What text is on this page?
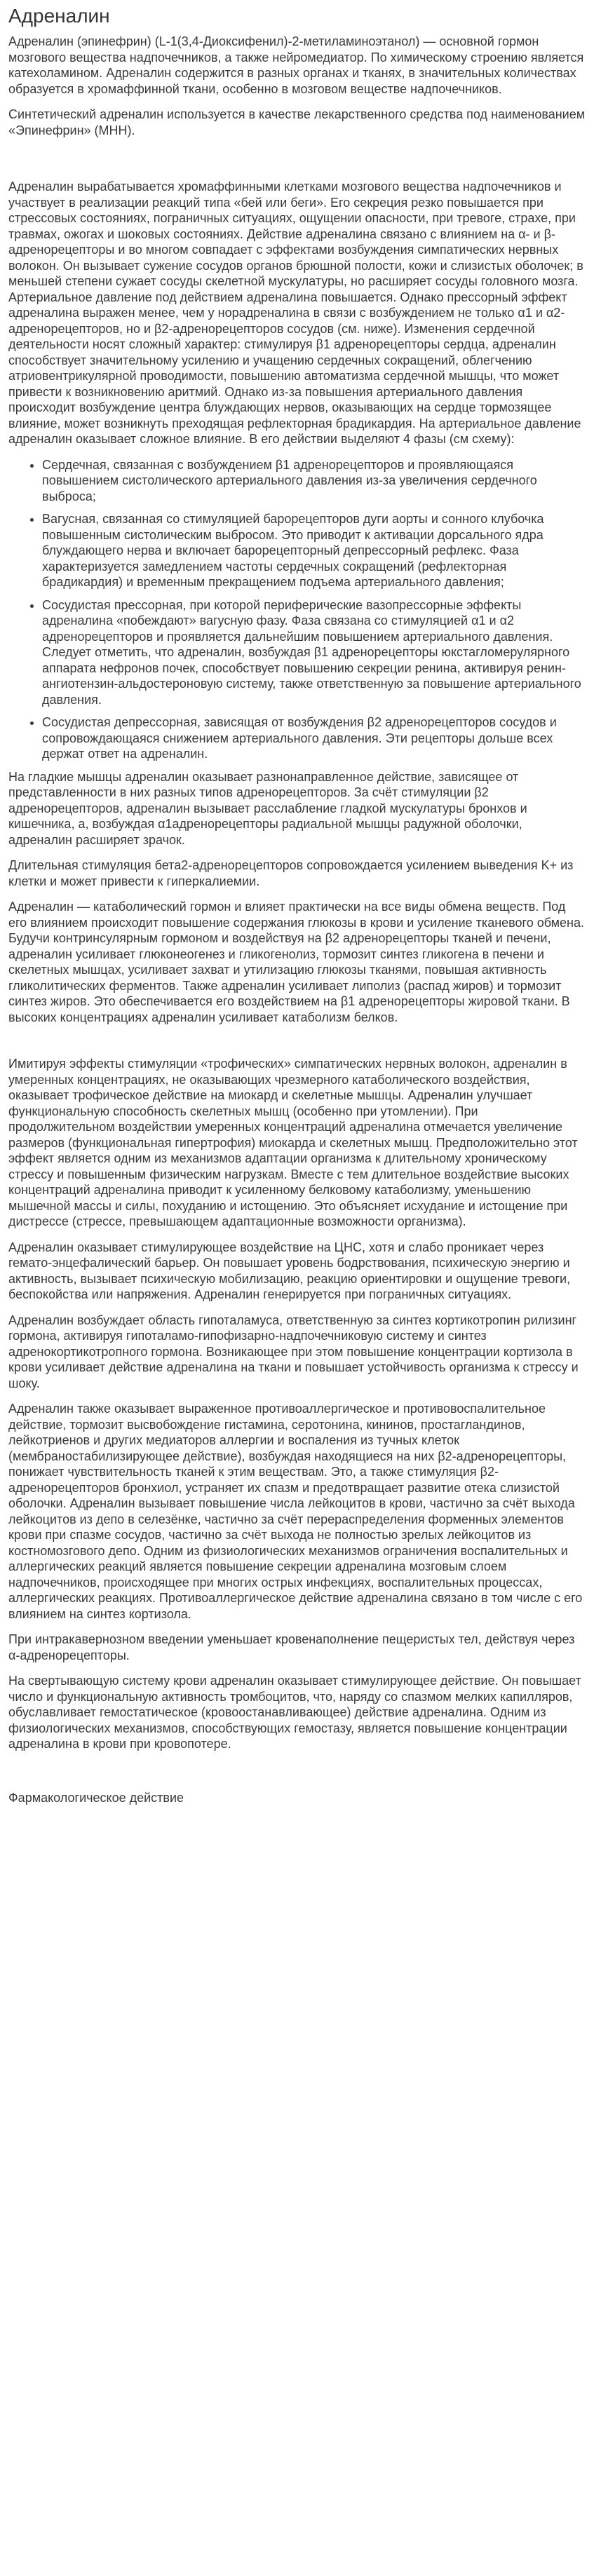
Адреналин

Адреналин (эпинефрин) (L-1(3,4-Диоксифенил)-2-метиламиноэтанол) — основной гормон мозгового вещества надпочечников, а также нейромедиатор. По химическому строению является катехоламином. Адреналин содержится в разных органах и тканях, в значительных количествах образуется в хромаффинной ткани, особенно в мозговом веществе надпочечников.

Синтетический адреналин используется в качестве лекарственного средства под наименованием «Эпинефрин» (МНН).

Адреналин вырабатывается хромаффинными клетками мозгового вещества надпочечников и участвует в реализации реакций типа «бей или беги». Его секреция резко повышается при стрессовых состояниях, пограничных ситуациях, ощущении опасности, при тревоге, страхе, при травмах, ожогах и шоковых состояниях. Действие адреналина связано с влиянием на α- и β-адренорецепторы и во многом совпадает с эффектами возбуждения симпатических нервных волокон. Он вызывает сужение сосудов органов брюшной полости, кожи и слизистых оболочек; в меньшей степени сужает сосуды скелетной мускулатуры, но расширяет сосуды головного мозга. Артериальное давление под действием адреналина повышается. Однако прессорный эффект адреналина выражен менее, чем у норадреналина в связи с возбуждением не только α1 и α2-адренорецепторов, но и β2-адренорецепторов сосудов (см. ниже). Изменения сердечной деятельности носят сложный характер: стимулируя β1 адренорецепторы сердца, адреналин способствует значительному усилению и учащению сердечных сокращений, облегчению атриовентрикулярной проводимости, повышению автоматизма сердечной мышцы, что может привести к возникновению аритмий. Однако из-за повышения артериального давления происходит возбуждение центра блуждающих нервов, оказывающих на сердце тормозящее влияние, может возникнуть преходящая рефлекторная брадикардия. На артериальное давление адреналин оказывает сложное влияние. В его действии выделяют 4 фазы (см схему):

• Сердечная, связанная с возбуждением β1 адренорецепторов и проявляющаяся повышением систолического артериального давления из-за увеличения сердечного выброса;
• Вагусная, связанная со стимуляцией барорецепторов дуги аорты и сонного клубочка повышенным систолическим выбросом. Это приводит к активации дорсального ядра блуждающего нерва и включает барорецепторный депрессорный рефлекс. Фаза характеризуется замедлением частоты сердечных сокращений (рефлекторная брадикардия) и временным прекращением подъема артериального давления;
• Сосудистая прессорная, при которой периферические вазопрессорные эффекты адреналина «побеждают» вагусную фазу. Фаза связана со стимуляцией α1 и α2 адренорецепторов и проявляется дальнейшим повышением артериального давления. Следует отметить, что адреналин, возбуждая β1 адренорецепторы юкстагломерулярного аппарата нефронов почек, способствует повышению секреции ренина, активируя ренин-ангиотензин-альдостероновую систему, также ответственную за повышение артериального давления.
• Сосудистая депрессорная, зависящая от возбуждения β2 адренорецепторов сосудов и сопровождающаяся снижением артериального давления. Эти рецепторы дольше всех держат ответ на адреналин.

На гладкие мышцы адреналин оказывает разнонаправленное действие, зависящее от представленности в них разных типов адренорецепторов. За счёт стимуляции β2 адренорецепторов, адреналин вызывает расслабление гладкой мускулатуры бронхов и кишечника, а, возбуждая α1адренорецепторы радиальной мышцы радужной оболочки, адреналин расширяет зрачок.

Длительная стимуляция бета2-адренорецепторов сопровождается усилением выведения K+ из клетки и может привести к гиперкалиемии.

Адреналин — катаболический гормон и влияет практически на все виды обмена веществ. Под его влиянием происходит повышение содержания глюкозы в крови и усиление тканевого обмена. Будучи контринсулярным гормоном и воздействуя на β2 адренорецепторы тканей и печени, адреналин усиливает глюконеогенез и гликогенолиз, тормозит синтез гликогена в печени и скелетных мышцах, усиливает захват и утилизацию глюкозы тканями, повышая активность гликолитических ферментов. Также адреналин усиливает липолиз (распад жиров) и тормозит синтез жиров. Это обеспечивается его воздействием на β1 адренорецепторы жировой ткани. В высоких концентрациях адреналин усиливает катаболизм белков.

Имитируя эффекты стимуляции «трофических» симпатических нервных волокон, адреналин в умеренных концентрациях, не оказывающих чрезмерного катаболического воздействия, оказывает трофическое действие на миокард и скелетные мышцы. Адреналин улучшает функциональную способность скелетных мышц (особенно при утомлении). При продолжительном воздействии умеренных концентраций адреналина отмечается увеличение размеров (функциональная гипертрофия) миокарда и скелетных мышц. Предположительно этот эффект является одним из механизмов адаптации организма к длительному хроническому стрессу и повышенным физическим нагрузкам. Вместе с тем длительное воздействие высоких концентраций адреналина приводит к усиленному белковому катаболизму, уменьшению мышечной массы и силы, похуданию и истощению. Это объясняет исхудание и истощение при дистрессе (стрессе, превышающем адаптационные возможности организма).

Адреналин оказывает стимулирующее воздействие на ЦНС, хотя и слабо проникает через гемато-энцефалический барьер. Он повышает уровень бодрствования, психическую энергию и активность, вызывает психическую мобилизацию, реакцию ориентировки и ощущение тревоги, беспокойства или напряжения. Адреналин генерируется при пограничных ситуациях.

Адреналин возбуждает область гипоталамуса, ответственную за синтез кортикотропин рилизинг гормона, активируя гипоталамо-гипофизарно-надпочечниковую систему и синтез адренокортикотропного гормона. Возникающее при этом повышение концентрации кортизола в крови усиливает действие адреналина на ткани и повышает устойчивость организма к стрессу и шоку.

Адреналин также оказывает выраженное противоаллергическое и противовоспалительное действие, тормозит высвобождение гистамина, серотонина, кининов, простагландинов, лейкотриенов и других медиаторов аллергии и воспаления из тучных клеток (мембраностабилизирующее действие), возбуждая находящиеся на них β2-адренорецепторы, понижает чувствительность тканей к этим веществам. Это, а также стимуляция β2-адренорецепторов бронхиол, устраняет их спазм и предотвращает развитие отека слизистой оболочки. Адреналин вызывает повышение числа лейкоцитов в крови, частично за счёт выхода лейкоцитов из депо в селезёнке, частично за счёт перераспределения форменных элементов крови при спазме сосудов, частично за счёт выхода не полностью зрелых лейкоцитов из костномозгового депо. Одним из физиологических механизмов ограничения воспалительных и аллергических реакций является повышение секреции адреналина мозговым слоем надпочечников, происходящее при многих острых инфекциях, воспалительных процессах, аллергических реакциях. Противоаллергическое действие адреналина связано в том числе с его влиянием на синтез кортизола.

При интракавернозном введении уменьшает кровенаполнение пещеристых тел, действуя через α-адренорецепторы.

На свертывающую систему крови адреналин оказывает стимулирующее действие. Он повышает число и функциональную активность тромбоцитов, что, наряду со спазмом мелких капилляров, обуславливает гемостатическое (кровоостанавливающее) действие адреналина. Одним из физиологических механизмов, способствующих гемостазу, является повышение концентрации адреналина в крови при кровопотере.

Фармакологическое действие
